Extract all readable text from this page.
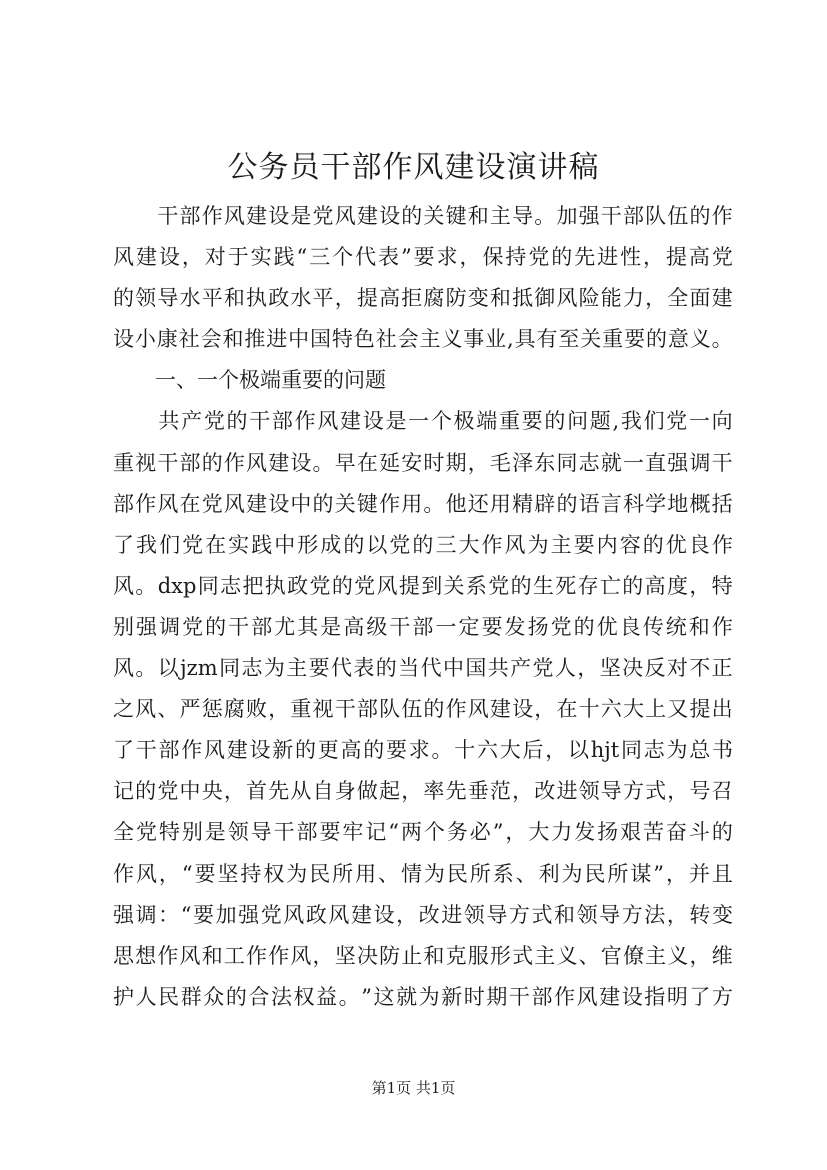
公务员干部作风建设演讲稿

干 部 作 风 建 设 是 党 风 建 设 的 关 键 和 主 导 。 加 强 干 部 队 伍 的 作
风 建 设 ， 对 于 实 践 “ 三 个 代 表 ” 要 求 ， 保 持 党 的 先 进 性 ， 提 高 党
的 领 导 水 平 和 执 政 水 平 ， 提 高 拒 腐 防 变 和 抵 御 风 险 能 力 ， 全 面 建
设 小 康 社 会 和 推 进 中 国 特 色 社 会 主 义 事 业 , 具 有 至 关 重 要 的 意 义 。
　　一、一个极端重要的问题

共 产 党 的 干 部 作 风 建 设 是 一 个 极 端 重 要 的 问 题 , 我 们 党 一 向
重 视 干 部 的 作 风 建 设 。 早 在 延 安 时 期 ， 毛 泽 东 同 志 就 一 直 强 调 干
部 作 风 在 党 风 建 设 中 的 关 键 作 用 。 他 还 用 精 辟 的 语 言 科 学 地 概 括
了 我 们 党 在 实 践 中 形 成 的 以 党 的 三 大 作 风 为 主 要 内 容 的 优 良 作
风 。 dxp 同 志 把 执 政 党 的 党 风 提 到 关 系 党 的 生 死 存 亡 的 高 度 ， 特
别 强 调 党 的 干 部 尤 其 是 高 级 干 部 一 定 要 发 扬 党 的 优 良 传 统 和 作
风 。 以 jzm 同 志 为 主 要 代 表 的 当 代 中 国 共 产 党 人 ， 坚 决 反 对 不 正
之 风 、 严 惩 腐 败 ， 重 视 干 部 队 伍 的 作 风 建 设 ， 在 十 六 大 上 又 提 出
了 干 部 作 风 建 设 新 的 更 高 的 要 求 。 十 六 大 后 ， 以 hjt 同 志 为 总 书
记 的 党 中 央 ， 首 先 从 自 身 做 起 ， 率 先 垂 范 ， 改 进 领 导 方 式 ， 号 召
全 党 特 别 是 领 导 干 部 要 牢 记 “ 两 个 务 必 ” ， 大 力 发 扬 艰 苦 奋 斗 的
作 风 ， “ 要 坚 持 权 为 民 所 用 、 情 为 民 所 系 、 利 为 民 所 谋 ” ， 并 且
强 调 ： “ 要 加 强 党 风 政 风 建 设 ， 改 进 领 导 方 式 和 领 导 方 法 ， 转 变
思 想 作 风 和 工 作 作 风 ， 坚 决 防 止 和 克 服 形 式 主 义 、 官 僚 主 义 ， 维
护 人 民 群 众 的 合 法 权 益 。 ” 这 就 为 新 时 期 干 部 作 风 建 设 指 明 了 方
第1页 共1页
